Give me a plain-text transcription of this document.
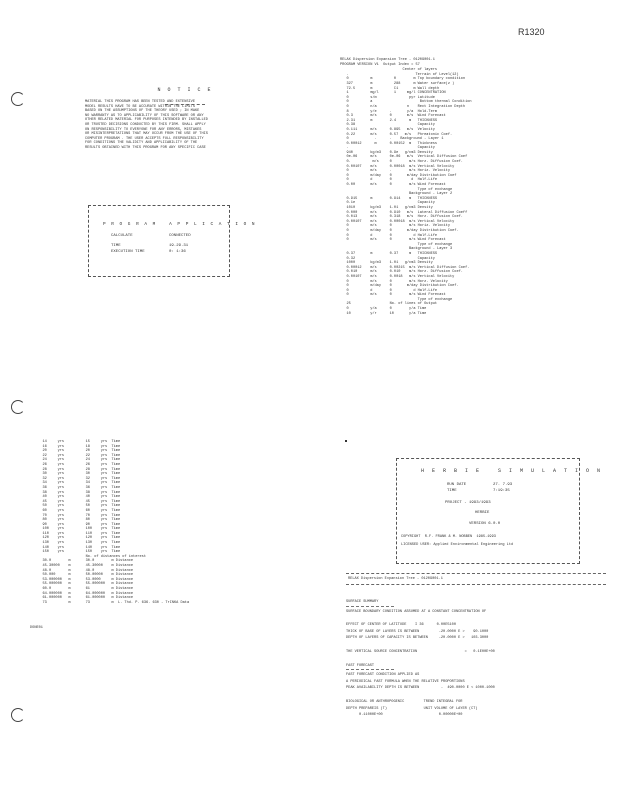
R1320
N O T I C E
MATERIAL THIS PROGRAM HAS BEEN TESTED AND EXTENSIVE
MODEL RESULTS HAVE TO BE ACCURATE WITHIN THE LIMITS
BASED ON THE ASSUMPTIONS OF THE THEORY USED ; IN MAKE
NO WARRANTY AS TO APPLICABILITY OF THIS SOFTWARE OR ANY
OTHER RELATED MATERIAL FOR PURPOSES INTENDED BY INSTALLED
OR TRUSTED DECISIONS CONDUCTED BY THIS FIRM. SHALL APPLY
ON RESPONSIBILITY TO EVERYONE FOR ANY ERRORS, MISTAKES
OR MISINTERPRETATIONS THAT MAY OCCUR FROM THE USE OF THIS
COMPUTER PROGRAM . THE USER ACCEPTS FULL RESPONSIBILITY
FOR CONDITIONS THE VALIDITY AND APPLICABILITY OF THE
RESULTS OBTAINED WITH THIS PROGRAM FOR ANY SPECIFIC CASE
P R O G R A M   A P P L I C A T I O N
CALCULATE	CONNECTED
TIME	19.29.31
EXECUTION TIME	0: 1:36
RELAX Dispersion Expansion Tree - 01209001.1
PROGRAM VERSION V1  Output Index = 57
Center of layers
.                               Terrain of Level(12)
0          m          0        m Top boundary condition
327        m          288      m Water surface(z )
72.5       m          C1       m Wall depth
1          mg/l       1     mg/l CONCENTRATION
0          s/m               pyr Latitude
0          a                      Bottom thermal Condition
0          n/a              n    Rect Integration Depth
8          y/e      .       y/a  Hold-Term
0.3        m/s      0       m/s  Wind Forecast
2.31       m        2.4      m   THICKNESS
0.38                             Capacity
0.111      m/s      0.895   m/s  Velocity
0.22       m/s      0.57   m/s   Phreatonic Coef.
0            .      .    Background - Layer 1
0.00012      m      0.00152  m   Thickness
.                                Capacity
940        kg/m3    0.9e   g/cm3 Density
0e-06      m/s      0e-06   m/s  Vertical Diffusion Coef
0.          m/s     0        m/s Horz. Diffusion Coef.
0.00107    m/s      0.00018  m/s Vertical Velocity
0          m/s      .        m/s Horiz. Velocity
0          m/day    0       m/day Distribution Coef
0          d        0         d  Half-Life
0.00       m/s      0        m/s Wind Forecast
Type of exchange
Background - Layer 2
0.915      m        0.914    m   THICKNESS
0.1e                             Capacity
1010       kg/m3    1.01   g/cm3 Density
0.000      m/s      0.910   m/s  Lateral Diffusion Coeff
0.013      m/s      0.318   m/s  Horz. Diffusion Coef.
0.00107    m/s      0.00018  m/s Vertical Velocity
0          m/s      0        m/s Horiz. Velocity
0          m/day    0       m/day Distribution Coef.
0          d        0          d Half-Life
0          m/s      0        m/s Wind Forecast
Type of exchange
Background - Layer 3
0.37       m        0.37     m   THICKNESS
0.32                             Capacity
1000       kg/m3    1.01   g/cm3 Density
0.00012    m/s      0.00215  m/s Vertical Diffusion Coef.
0.010      m/s      0.010    m/s Horz. Diffusion Coef.
0.00107    m/s      0.0018   m/s Vertical Velocity
0          m/s      0        m/s Horz. Velocity
0          m/day    0       m/day Distribution Coef.
0          d        0          d Half-Life
0          m/s      0        m/s Wind Forecast
Type of exchange
25                  No. of lines of Output
0          y/a      0        y/a Time
10         y/r      10       y/a Time
14     yrs          15     yrs  Time
16     yrs          18     yrs  Time
20     yrs          20     yrs  Time
22     yrs          22     yrs  Time
24     yrs          24     yrs  Time
26     yrs          26     yrs  Time
28     yrs          28     yrs  Time
30     yrs          30     yrs  Time
32     yrs          32     yrs  Time
34     yrs          34     yrs  Time
36     yrs          36     yrs  Time
38     yrs          38     yrs  Time
40     yrs          40     yrs  Time
45     yrs          45     yrs  Time
50     yrs          50     yrs  Time
60     yrs          60     yrs  Time
70     yrs          70     yrs  Time
80     yrs          80     yrs  Time
90     yrs          90     yrs  Time
100    yrs          100    yrs  Time
110    yrs          110    yrs  Time
120    yrs          120    yrs  Time
130    yrs          130    yrs  Time
140    yrs          140    yrs  Time
150    yrs          150    yrs  Time
No. of distances of interest
30.0        m       30.0        m Distance
45.30000    m       45.30000    m Distance
48.0        m       48.0        m Distance
50.000      m       50.00000    m Distance
53.000000   m       53.0000     m Distance
55.000000   m       55.000000   m Distance
60.0        m       61          m Distance
64.000000   m       64.000000   m Distance
61.000000   m       61.000000   m Distance
73          m       73          m  L. Thd. P. 636. 630 - TrINKA Data
DONE01
H E R B I E   S I M U L A T I O N
RUN DATE	27. 7.93
TIME	7:19:35
PROJECT - 1993/1993
HERBIE
VERSION 6.0.0
COPYRIGHT  R.F. FRANK & M. NOBBEN  1985-1993
LICENSED USER: Applied Environmental Engineering Ltd
RELAX Dispersion Expansion Tree - 01209001.1
SURFACE SUMMARY
SURFACE BOUNDARY CONDITION ASSUMED AT A CONSTANT CONCENTRATION OF
EFFECT OF CENTER OF LATITUDE    I 36      0.00E5100
THICK OF BASE OF LAYERS IS BETWEEN         -20.0000 E >    90.1000
DEPTH OF LAYERS OF CAPACITY IS BETWEEN     -20.0000 E >   103.3000
THE VERTICAL SOURCE CONCENTRATION                      =   0.1E00E+00
FAST FORECAST
FAST FORECAST CONDITION APPLIED AS
A PERIODICAL FAST FORMULA WHEN THE RELATIVE PROPORTIONS
PEAK AVAILABILITY DEPTH IS BETWEEN          -  490.0000 E < 1000.1000
BIOLOGICAL OR ANTHROPOGENIC         TREND INTEGRAL FOR
DEPTH PREPAREIS (T)                 UNIT VOLUME OF LAYER (CT)
0.11000E+00                          0.00000E+00
